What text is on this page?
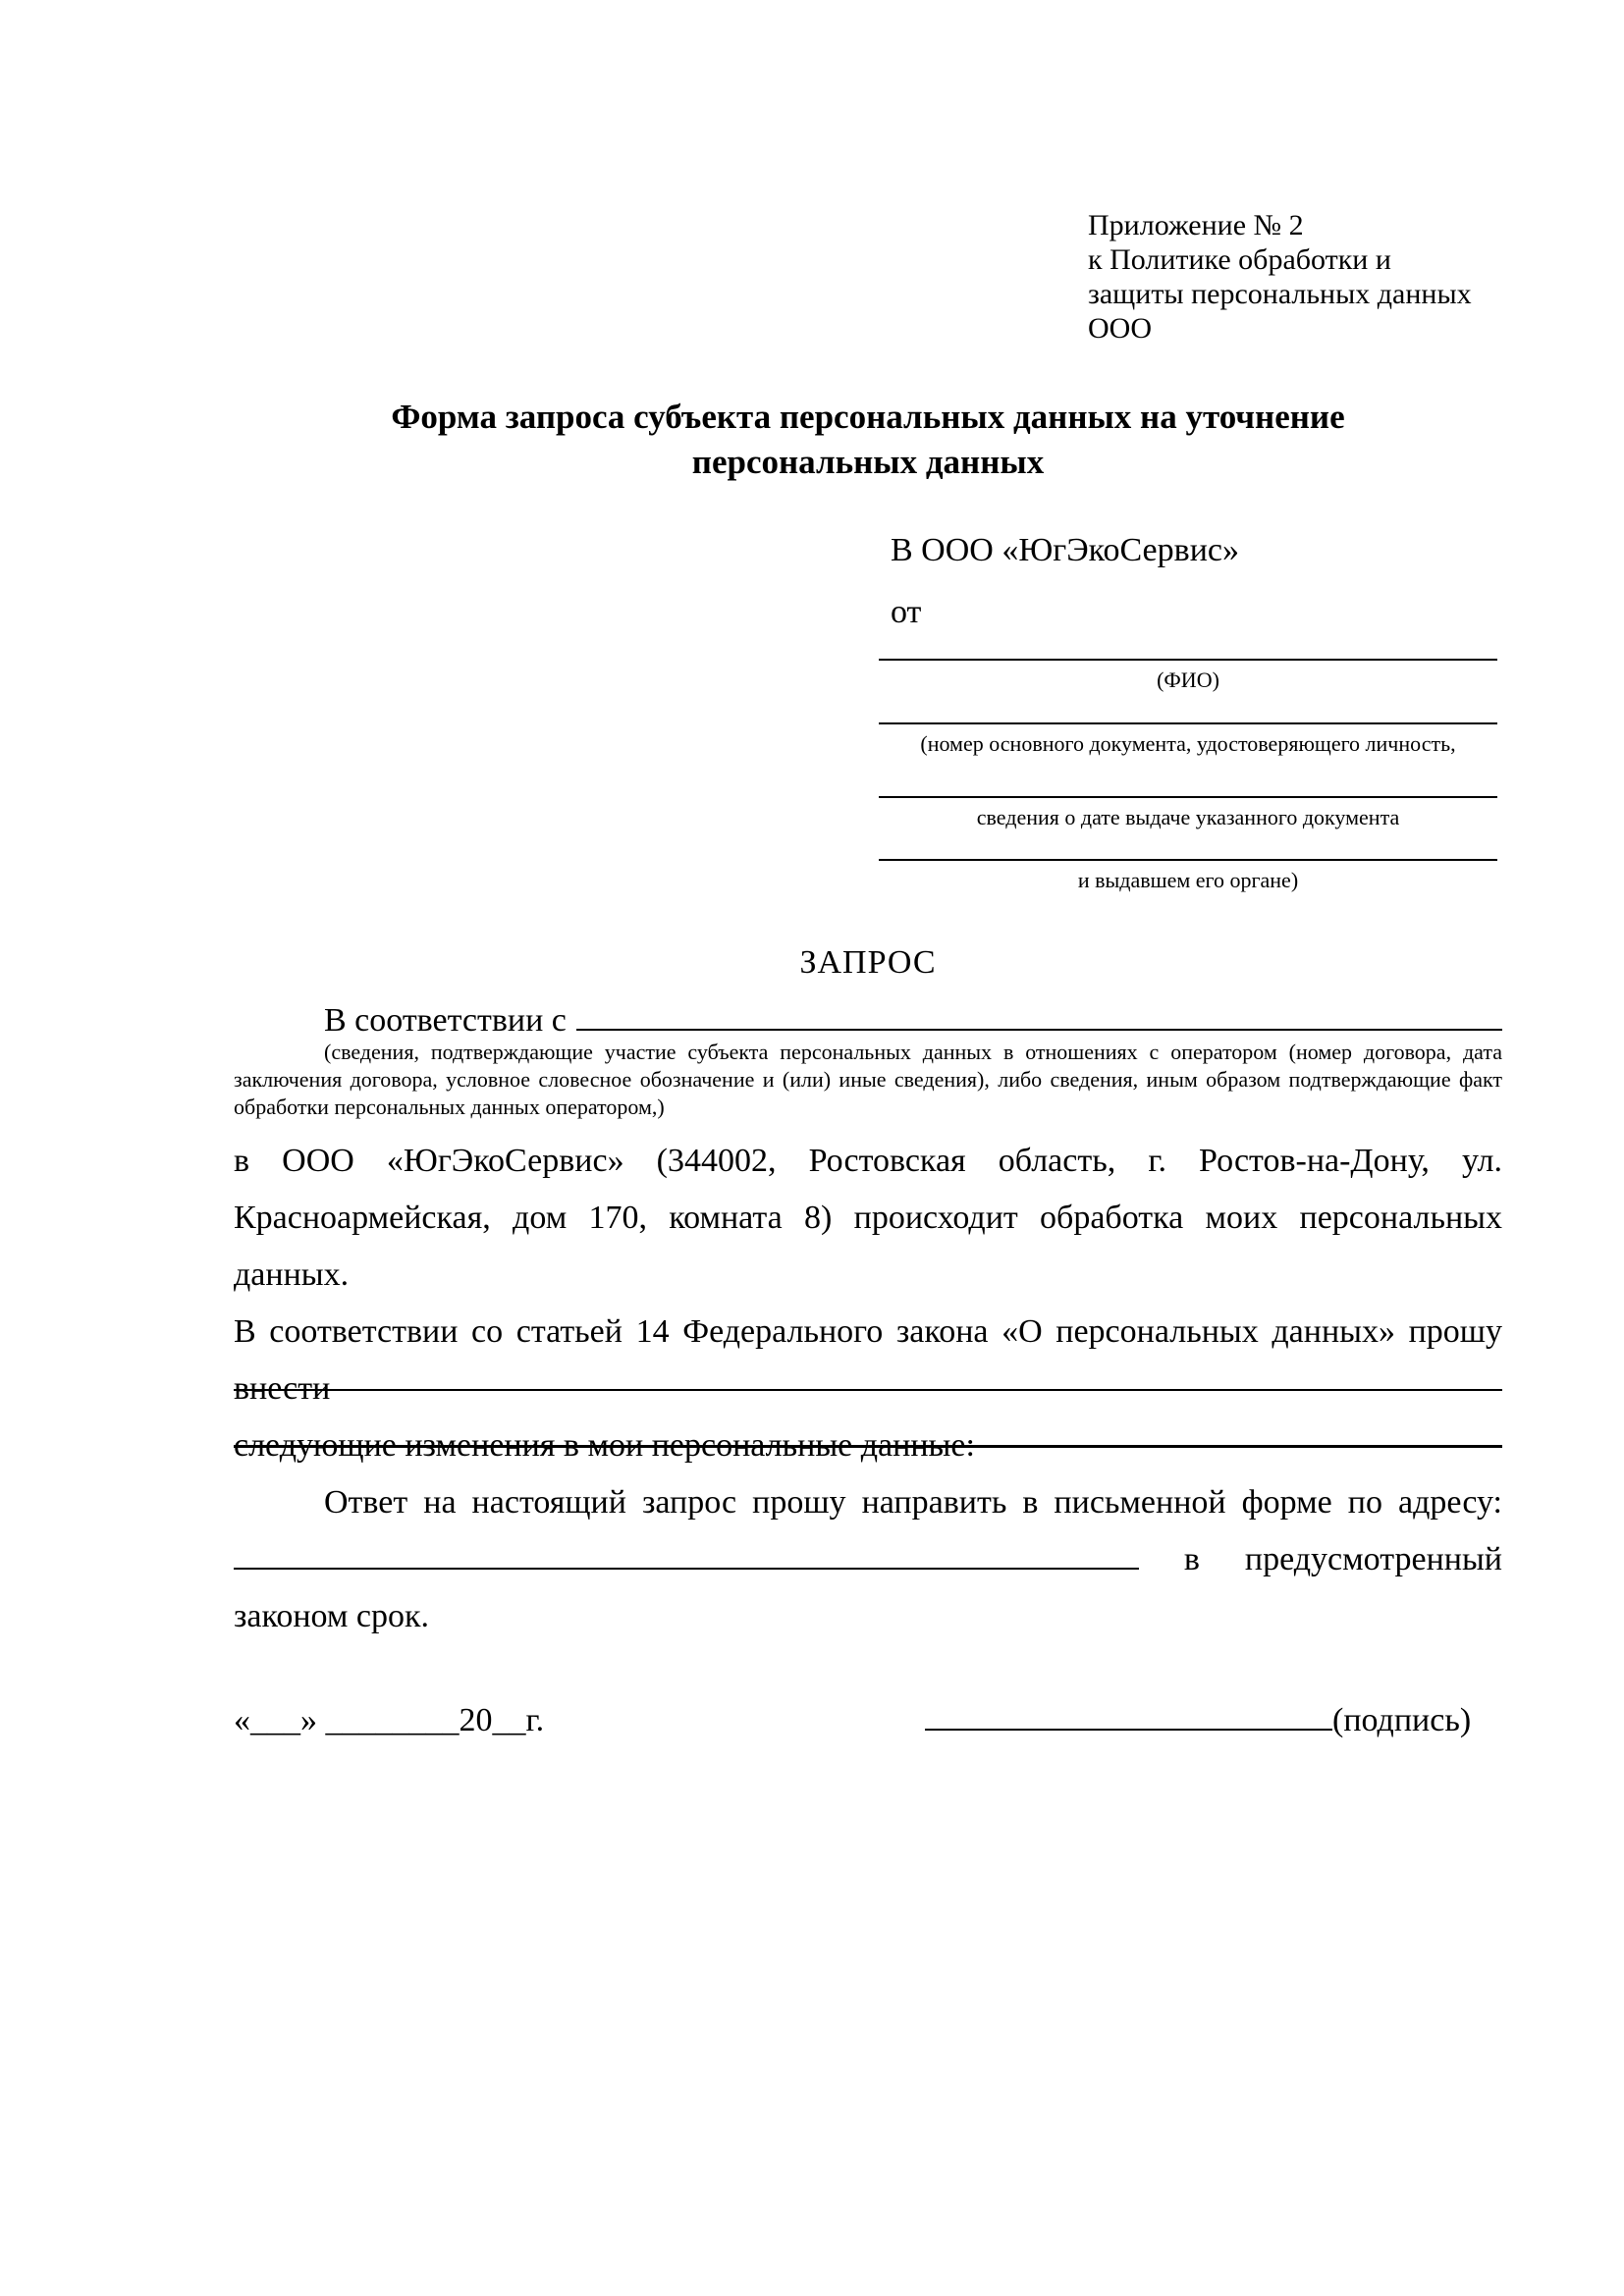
Приложение № 2
к Политике обработки и
защиты персональных данных
ООО
Форма запроса субъекта персональных данных на уточнение
персональных данных
В ООО «ЮгЭкоСервис»
от
(ФИО)
(номер основного документа, удостоверяющего личность,
сведения о дате выдаче указанного документа
и выдавшем его органе)
ЗАПРОС
В соответствии с
(сведения, подтверждающие участие субъекта персональных данных в отношениях с оператором (номер договора, дата
заключения договора, условное словесное обозначение и (или) иные сведения), либо сведения, иным образом подтверждающие факт
обработки персональных данных оператором,)
в ООО «ЮгЭкоСервис» (344002, Ростовская область, г. Ростов-на-Дону, ул.
Красноармейская, дом 170, комната 8) происходит обработка моих персональных данных.
В соответствии со статьей 14 Федерального закона «О персональных данных» прошу внести
следующие изменения в мои персональные данные:
Ответ на настоящий запрос прошу направить в письменной форме по адресу:
в предусмотренный
законом срок.
«___» ________20__г.	(подпись)
